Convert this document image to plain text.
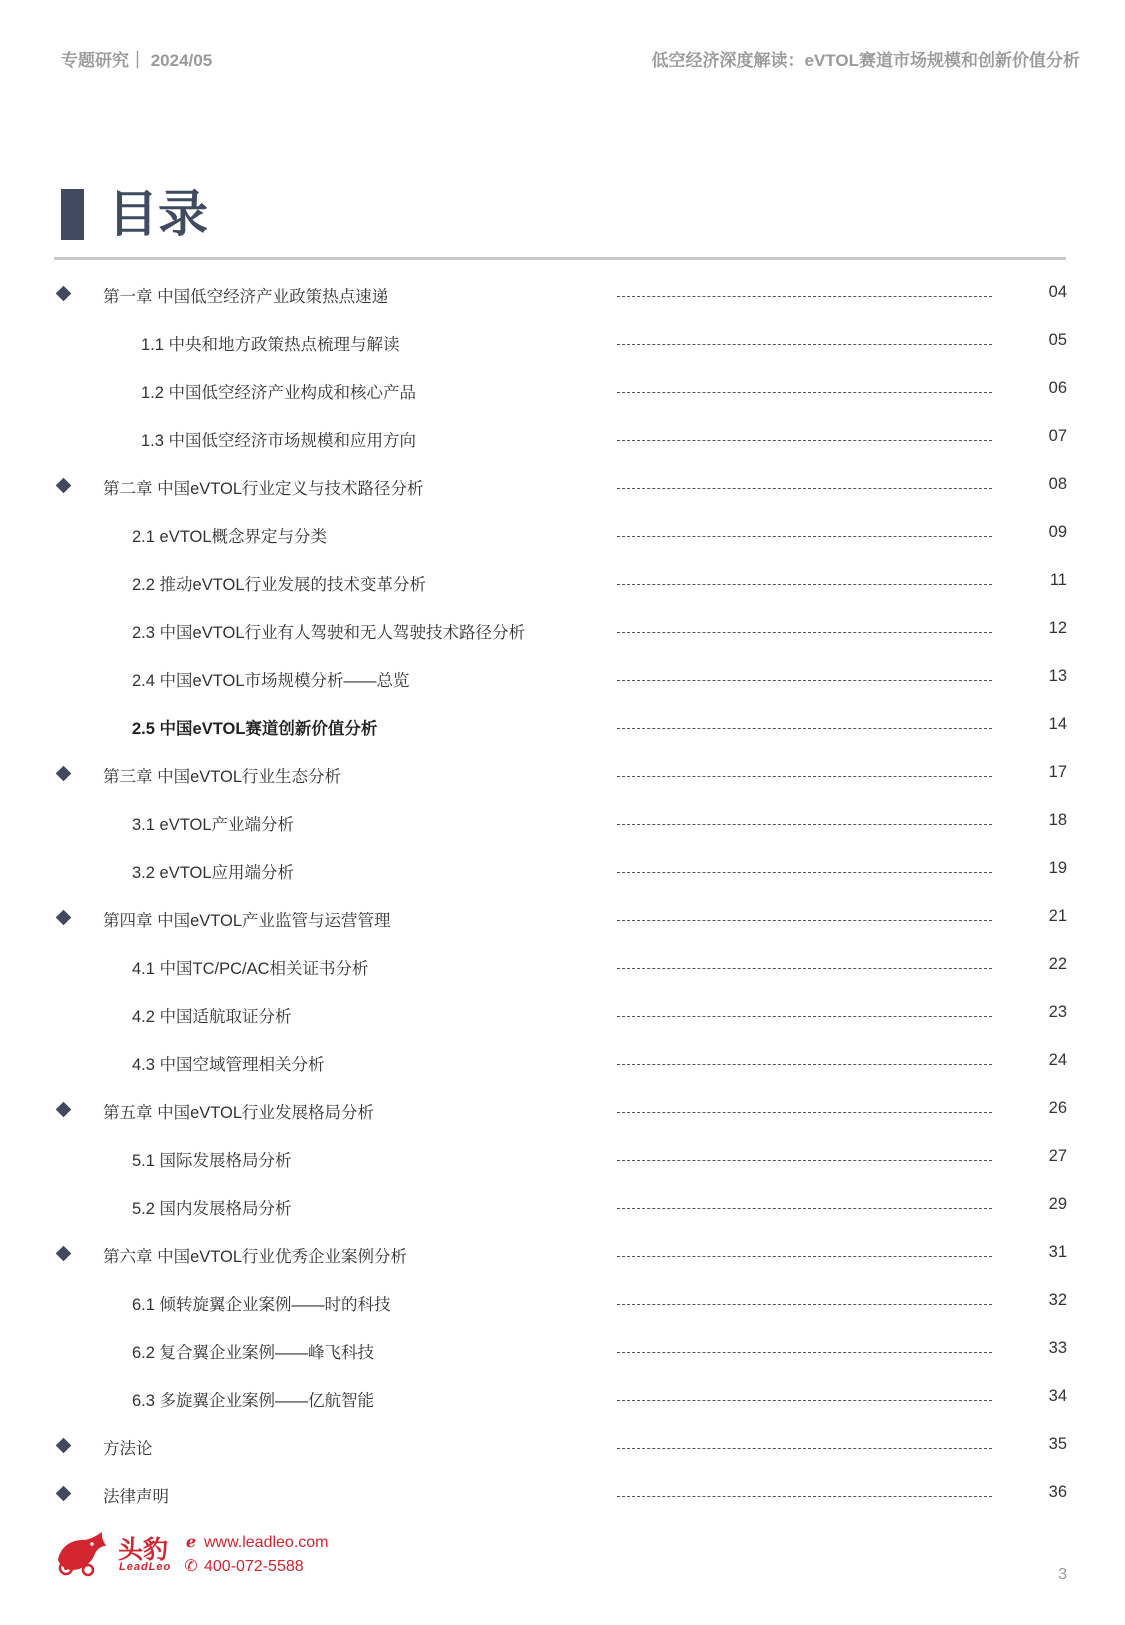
专题研究｜ 2024/05	低空经济深度解读：eVTOL赛道市场规模和创新价值分析
目录
第一章 中国低空经济产业政策热点速递	04
1.1 中央和地方政策热点梳理与解读	05
1.2 中国低空经济产业构成和核心产品	06
1.3 中国低空经济市场规模和应用方向	07
第二章 中国eVTOL行业定义与技术路径分析	08
2.1 eVTOL概念界定与分类	09
2.2 推动eVTOL行业发展的技术变革分析	11
2.3 中国eVTOL行业有人驾驶和无人驾驶技术路径分析	12
2.4 中国eVTOL市场规模分析——总览	13
2.5 中国eVTOL赛道创新价值分析	14
第三章 中国eVTOL行业生态分析	17
3.1 eVTOL产业端分析	18
3.2 eVTOL应用端分析	19
第四章 中国eVTOL产业监管与运营管理	21
4.1 中国TC/PC/AC相关证书分析	22
4.2 中国适航取证分析	23
4.3 中国空域管理相关分析	24
第五章 中国eVTOL行业发展格局分析	26
5.1 国际发展格局分析	27
5.2 国内发展格局分析	29
第六章 中国eVTOL行业优秀企业案例分析	31
6.1 倾转旋翼企业案例——时的科技	32
6.2 复合翼企业案例——峰飞科技	33
6.3 多旋翼企业案例——亿航智能	34
方法论	35
法律声明	36
头豹
LeadLeo
ℯ www.leadleo.com
✆ 400-072-5588	3
